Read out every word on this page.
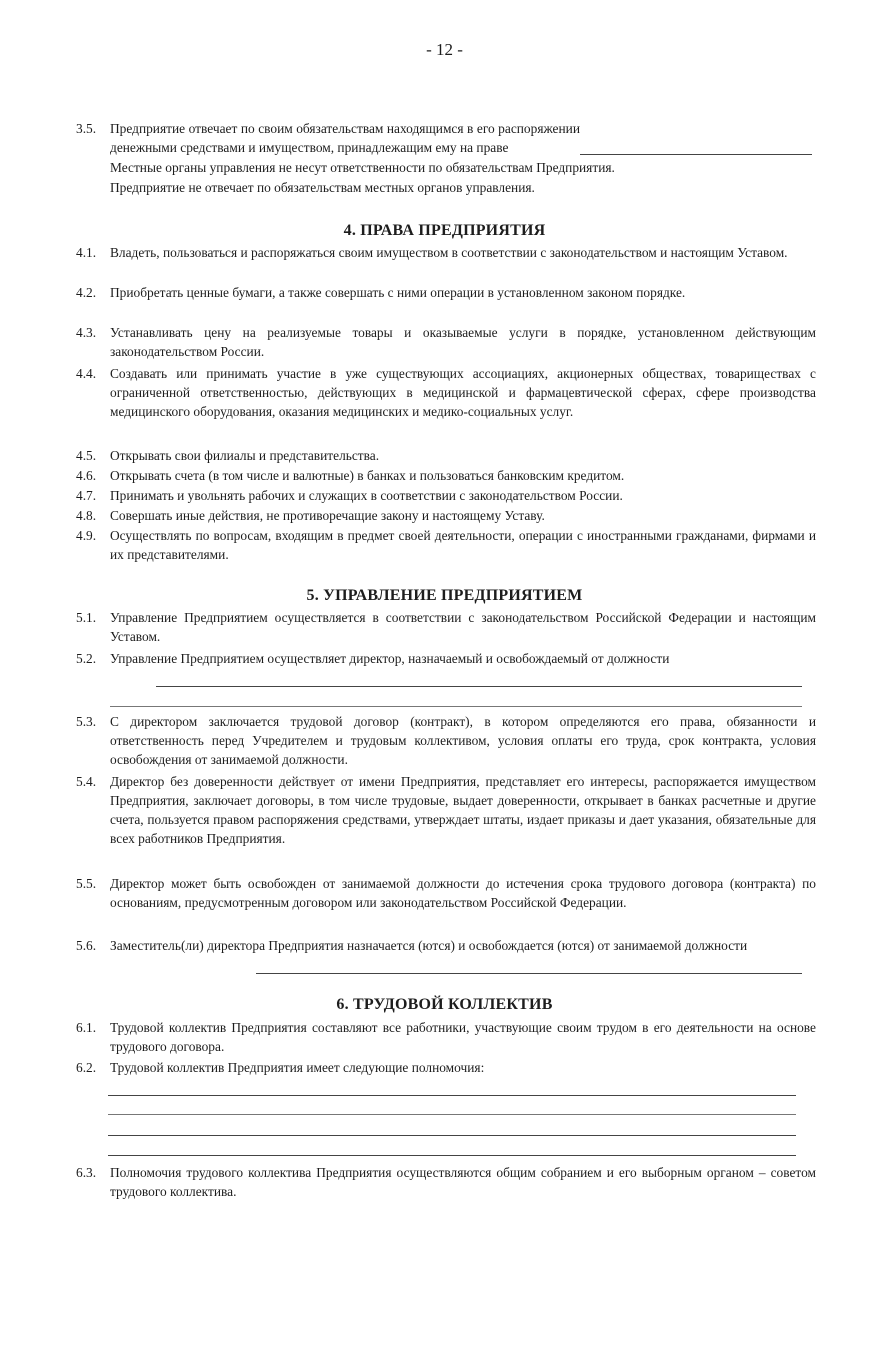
- 12 -
3.5. Предприятие отвечает по своим обязательствам находящимся в его распоряжении денежными средствами и имуществом, принадлежащим ему на праве
Местные органы управления не несут ответственности по обязательствам Предприятия.
Предприятие не отвечает по обязательствам местных органов управления.
4. ПРАВА ПРЕДПРИЯТИЯ
4.1. Владеть, пользоваться и распоряжаться своим имуществом в соответствии с законодательством и настоящим Уставом.
4.2. Приобретать ценные бумаги, а также совершать с ними операции в установленном законом порядке.
4.3. Устанавливать цену на реализуемые товары и оказываемые услуги в порядке, установленном действующим законодательством России.
4.4. Создавать или принимать участие в уже существующих ассоциациях, акционерных обществах, товариществах с ограниченной ответственностью, действующих в медицинской и фармацевтической сферах, сфере производства медицинского оборудования, оказания медицинских и медико-социальных услуг.
4.5. Открывать свои филиалы и представительства.
4.6. Открывать счета (в том числе и валютные) в банках и пользоваться банковским кредитом.
4.7. Принимать и увольнять рабочих и служащих в соответствии с законодательством России.
4.8. Совершать иные действия, не противоречащие закону и настоящему Уставу.
4.9. Осуществлять по вопросам, входящим в предмет своей деятельности, операции с иностранными гражданами, фирмами и их представителями.
5. УПРАВЛЕНИЕ ПРЕДПРИЯТИЕМ
5.1. Управление Предприятием осуществляется в соответствии с законодательством Российской Федерации и настоящим Уставом.
5.2. Управление Предприятием осуществляет директор, назначаемый и освобождаемый от должности
5.3. С директором заключается трудовой договор (контракт), в котором определяются его права, обязанности и ответственность перед Учредителем и трудовым коллективом, условия оплаты его труда, срок контракта, условия освобождения от занимаемой должности.
5.4. Директор без доверенности действует от имени Предприятия, представляет его интересы, распоряжается имуществом Предприятия, заключает договоры, в том числе трудовые, выдает доверенности, открывает в банках расчетные и другие счета, пользуется правом распоряжения средствами, утверждает штаты, издает приказы и дает указания, обязательные для всех работников Предприятия.
5.5. Директор может быть освобожден от занимаемой должности до истечения срока трудового договора (контракта) по основаниям, предусмотренным договором или законодательством Российской Федерации.
5.6. Заместитель(ли) директора Предприятия назначается (ются) и освобождается (ются) от занимаемой должности
6. ТРУДОВОЙ КОЛЛЕКТИВ
6.1. Трудовой коллектив Предприятия составляют все работники, участвующие своим трудом в его деятельности на основе трудового договора.
6.2. Трудовой коллектив Предприятия имеет следующие полномочия:
6.3. Полномочия трудового коллектива Предприятия осуществляются общим собранием и его выборным органом – советом трудового коллектива.
